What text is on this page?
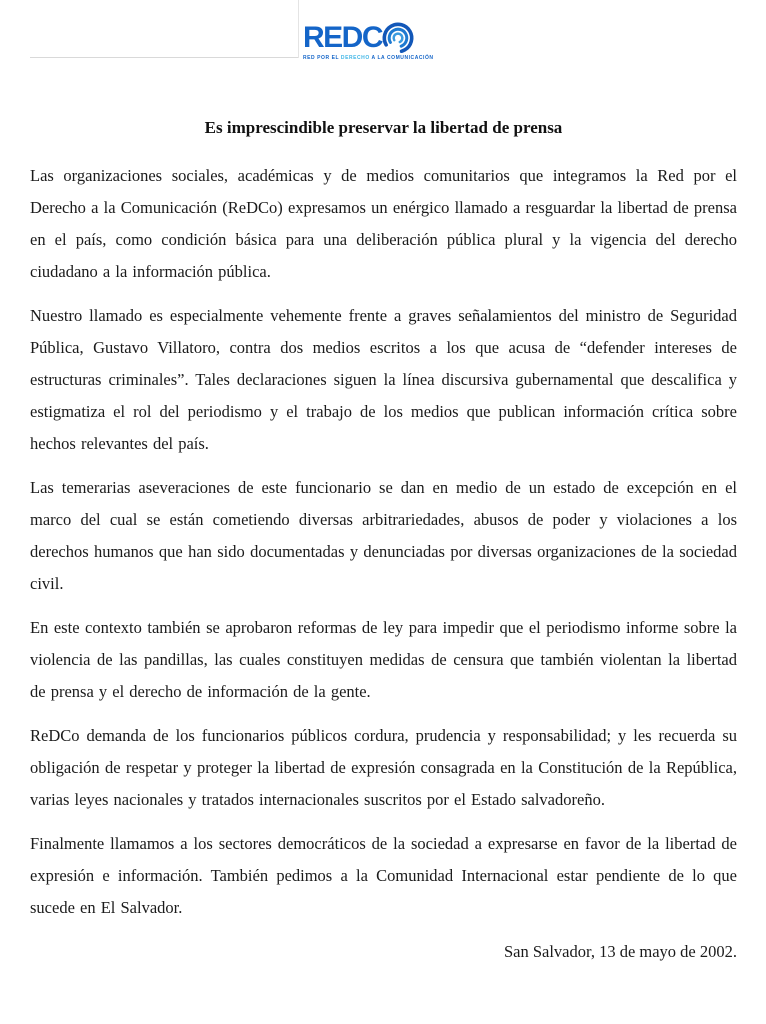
REDC
RED POR EL DERECHO A LA COMUNICACIÓN
Es imprescindible preservar la libertad de prensa

Las organizaciones sociales, académicas y de medios comunitarios que integramos la Red por el Derecho a la Comunicación (ReDCo) expresamos un enérgico llamado a resguardar la libertad de prensa en el país, como condición básica para una deliberación pública plural y la vigencia del derecho ciudadano a la información pública.

Nuestro llamado es especialmente vehemente frente a graves señalamientos del ministro de Seguridad Pública, Gustavo Villatoro, contra dos medios escritos a los que acusa de “defender intereses de estructuras criminales”. Tales declaraciones siguen la línea discursiva gubernamental que descalifica y estigmatiza el rol del periodismo y el trabajo de los medios que publican información crítica sobre hechos relevantes del país.

Las temerarias aseveraciones de este funcionario se dan en medio de un estado de excepción en el marco del cual se están cometiendo diversas arbitrariedades, abusos de poder y violaciones a los derechos humanos que han sido documentadas y denunciadas por diversas organizaciones de la sociedad civil.

En este contexto también se aprobaron reformas de ley para impedir que el periodismo informe sobre la violencia de las pandillas, las cuales constituyen medidas de censura que también violentan la libertad de prensa y el derecho de información de la gente.

ReDCo demanda de los funcionarios públicos cordura, prudencia y responsabilidad; y les recuerda su obligación de respetar y proteger la libertad de expresión consagrada en la Constitución de la República, varias leyes nacionales y tratados internacionales suscritos por el Estado salvadoreño.

Finalmente llamamos a los sectores democráticos de la sociedad a expresarse en favor de la libertad de expresión e información. También pedimos a la Comunidad Internacional estar pendiente de lo que sucede en El Salvador.

San Salvador, 13 de mayo de 2002.
